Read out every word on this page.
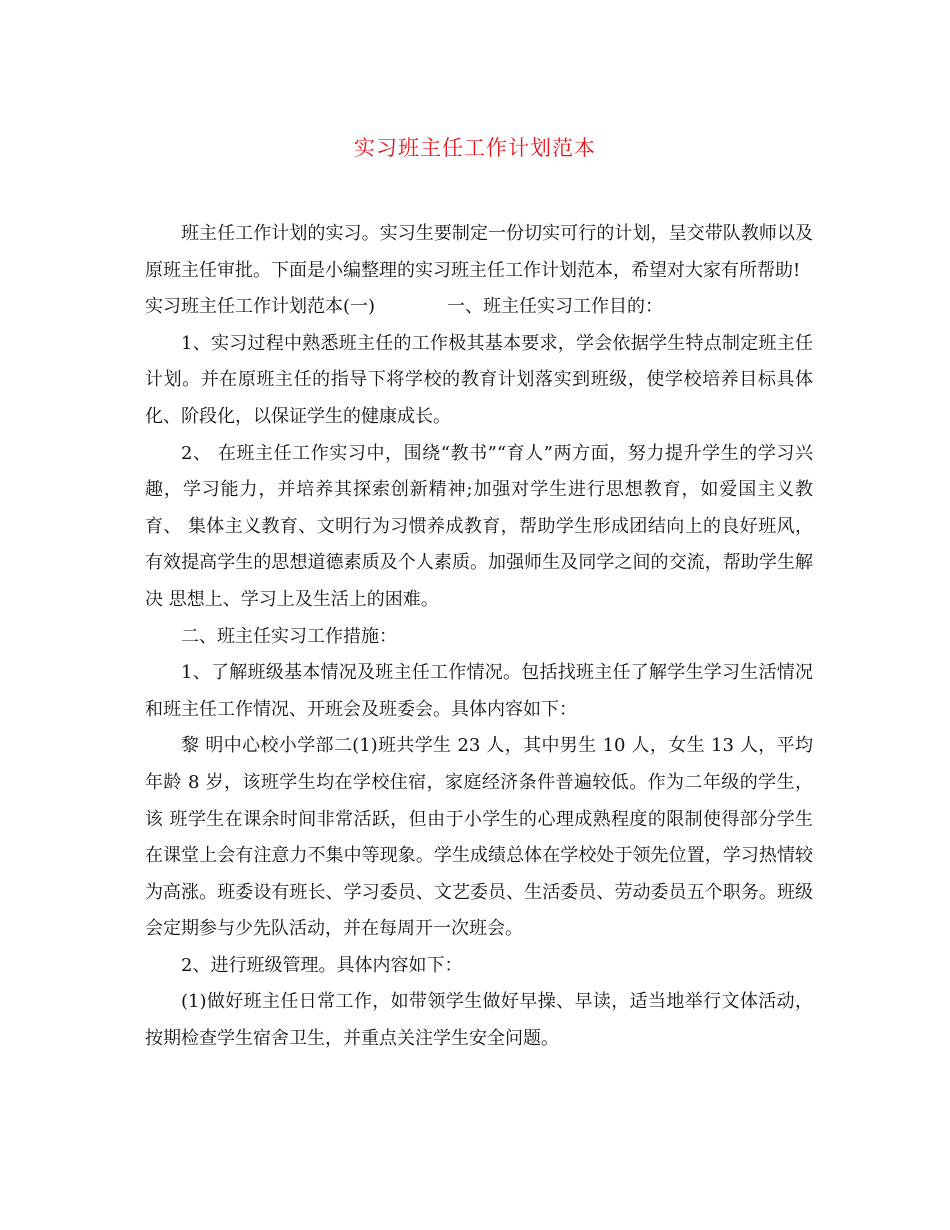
实习班主任工作计划范本

班主任工作计划的实习。实习生要制定一份切实可行的计划，呈交带队教师以及原班主任审批。下面是小编整理的实习班主任工作计划范本，希望对大家有所帮助!

实习班主任工作计划范本(一)	一、班主任实习工作目的：

1、实习过程中熟悉班主任的工作极其基本要求，学会依据学生特点制定班主任计划。并在原班主任的指导下将学校的教育计划落实到班级，使学校培养目标具体化、阶段化，以保证学生的健康成长。

2、 在班主任工作实习中，围绕“教书”“育人”两方面，努力提升学生的学习兴趣，学习能力，并培养其探索创新精神;加强对学生进行思想教育，如爱国主义教育、 集体主义教育、文明行为习惯养成教育，帮助学生形成团结向上的良好班风，有效提高学生的思想道德素质及个人素质。加强师生及同学之间的交流，帮助学生解决 思想上、学习上及生活上的困难。

二、班主任实习工作措施：

1、了解班级基本情况及班主任工作情况。包括找班主任了解学生学习生活情况和班主任工作情况、开班会及班委会。具体内容如下：

黎 明中心校小学部二(1)班共学生 23 人，其中男生 10 人，女生 13 人，平均年龄 8 岁，该班学生均在学校住宿，家庭经济条件普遍较低。作为二年级的学生，该 班学生在课余时间非常活跃，但由于小学生的心理成熟程度的限制使得部分学生在课堂上会有注意力不集中等现象。学生成绩总体在学校处于领先位置，学习热情较 为高涨。班委设有班长、学习委员、文艺委员、生活委员、劳动委员五个职务。班级会定期参与少先队活动，并在每周开一次班会。

2、进行班级管理。具体内容如下：

(1)做好班主任日常工作，如带领学生做好早操、早读，适当地举行文体活动，按期检查学生宿舍卫生，并重点关注学生安全问题。
